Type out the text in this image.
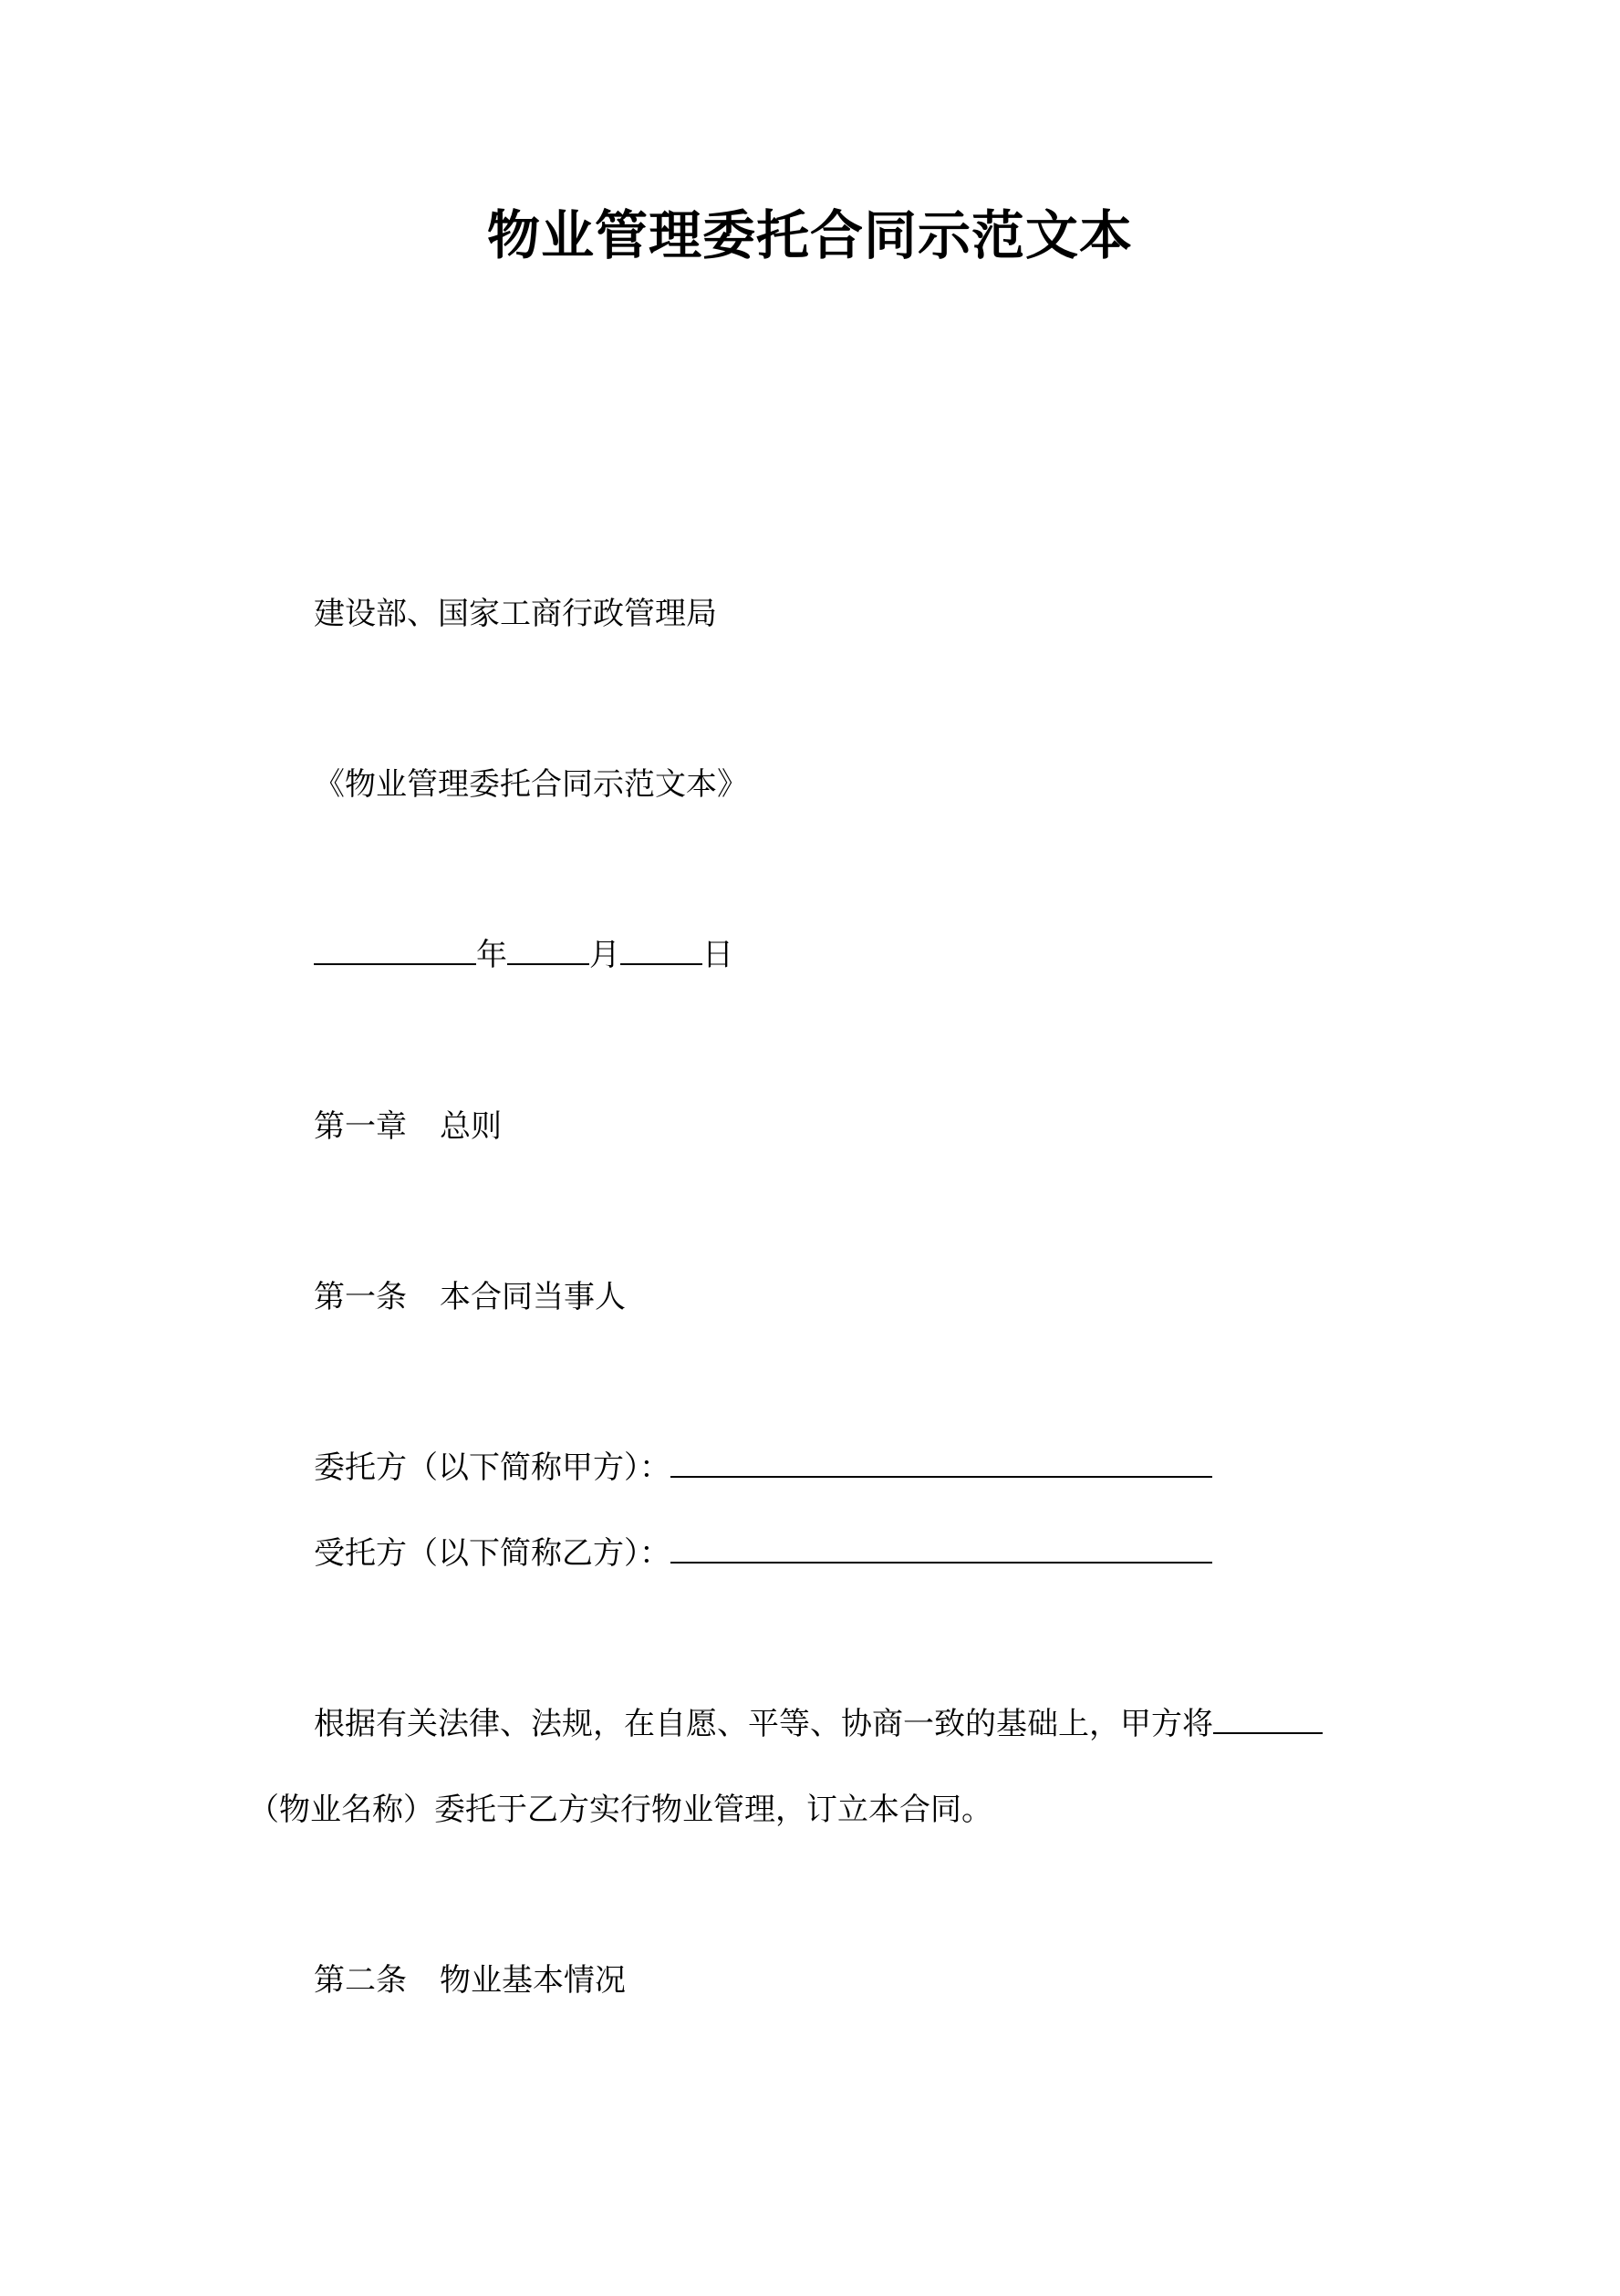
物业管理委托合同示范文本
建设部、国家工商行政管理局
《物业管理委托合同示范文本》
年	月	日
第一章 总则
第一条 本合同当事人
委托方（以下简称甲方）：
受托方（以下简称乙方）：
根据有关法律、法规，在自愿、平等、协商一致的基础上，甲方将
（物业名称）委托于乙方实行物业管理，订立本合同。
第二条 物业基本情况
